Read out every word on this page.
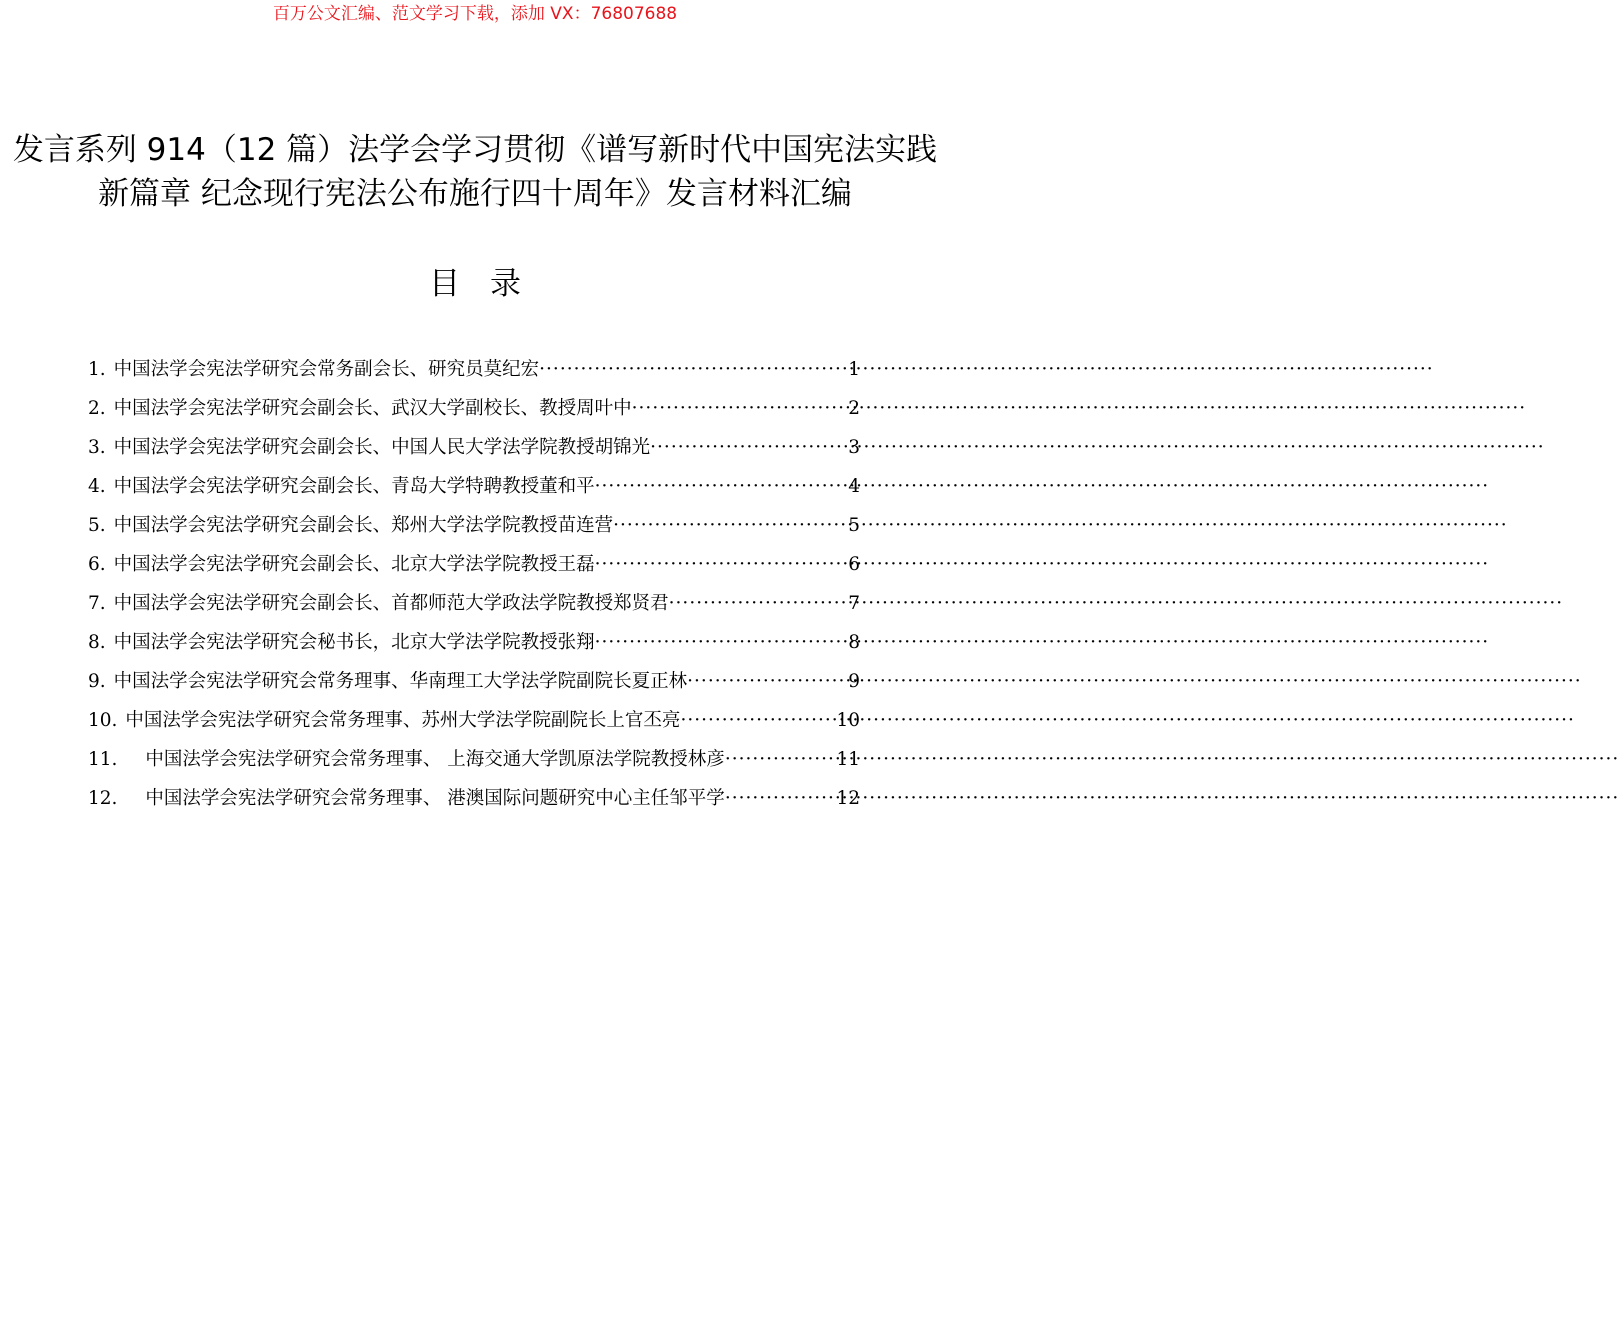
百万公文汇编、范文学习下载，添加 VX：76807688
发言系列 914（12 篇）法学会学习贯彻《谱写新时代中国宪法实践新篇章 纪念现行宪法公布施行四十周年》发言材料汇编
目录
1. 中国法学会宪法学研究会常务副会长、研究员莫纪宏 ·····	1
2. 中国法学会宪法学研究会副会长、武汉大学副校长、教授周叶中 ·····	2
3. 中国法学会宪法学研究会副会长、中国人民大学法学院教授胡锦光 ·····	3
4. 中国法学会宪法学研究会副会长、青岛大学特聘教授董和平 ·····	4
5. 中国法学会宪法学研究会副会长、郑州大学法学院教授苗连营 ·····	5
6. 中国法学会宪法学研究会副会长、北京大学法学院教授王磊 ·····	6
7. 中国法学会宪法学研究会副会长、首都师范大学政法学院教授郑贤君 ·····	7
8. 中国法学会宪法学研究会秘书长，北京大学法学院教授张翔 ·····	8
9. 中国法学会宪法学研究会常务理事、华南理工大学法学院副院长夏正林 ·····	9
10. 中国法学会宪法学研究会常务理事、苏州大学法学院副院长上官丕亮 ·····	10
11. 中国法学会宪法学研究会常务理事、 上海交通大学凯原法学院教授林彦 ·····	11
12. 中国法学会宪法学研究会常务理事、 港澳国际问题研究中心主任邹平学 ·····	12
